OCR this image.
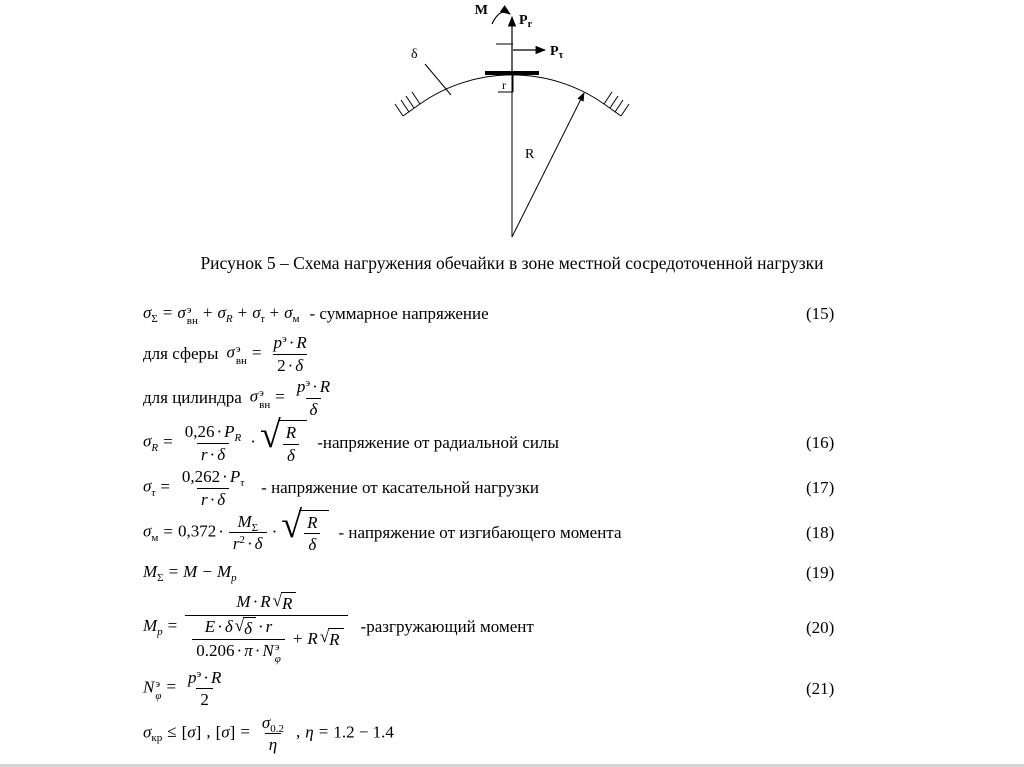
$P_r$
M
$P_\tau$
δ
r
R
Рисунок 5 – Схема нагружения обечайки в зоне местной сосредоточенной нагрузки
$\sigma_\Sigma = \sigma$ э
вн + $\sigma_R + \sigma_\tau + \sigma_м$ - суммарное напряжение	(15)
для сферы σ э
вн = $\frac{p^э \cdot R}{2 \cdot \delta}$
для цилиндра σ э
вн = $\frac{p^э \cdot R}{\delta}$
$\sigma_R = \frac{0,26 \cdot P_R}{r \cdot \delta}$ · √ $\frac{R}{\delta}$ -напряжение от радиальной силы	(16)
$\sigma_\tau = \frac{0,262 \cdot P_\tau}{r \cdot \delta}$ - напряжение от касательной нагрузки	(17)
$\sigma_м = 0,372 \cdot \frac{M_\Sigma}{r^2 \cdot \delta}$ · √ $\frac{R}{\delta}$ - напряжение от изгибающего момента	(18)
$M_\Sigma = M - M_p$	(19)
$M_p = M \cdot R$ √ R
E · δ √ δ · r
0.206 · π · N э
φ + R √ R -разгружающий момент	(20)
N э
$\varphi = \frac{p^э \cdot R}{2}$	(21)
$\sigma_{кр} \le [\sigma]$ , $[\sigma] = \frac{\sigma_{0.2}}{\eta}$ , η = 1.2 − 1.4
